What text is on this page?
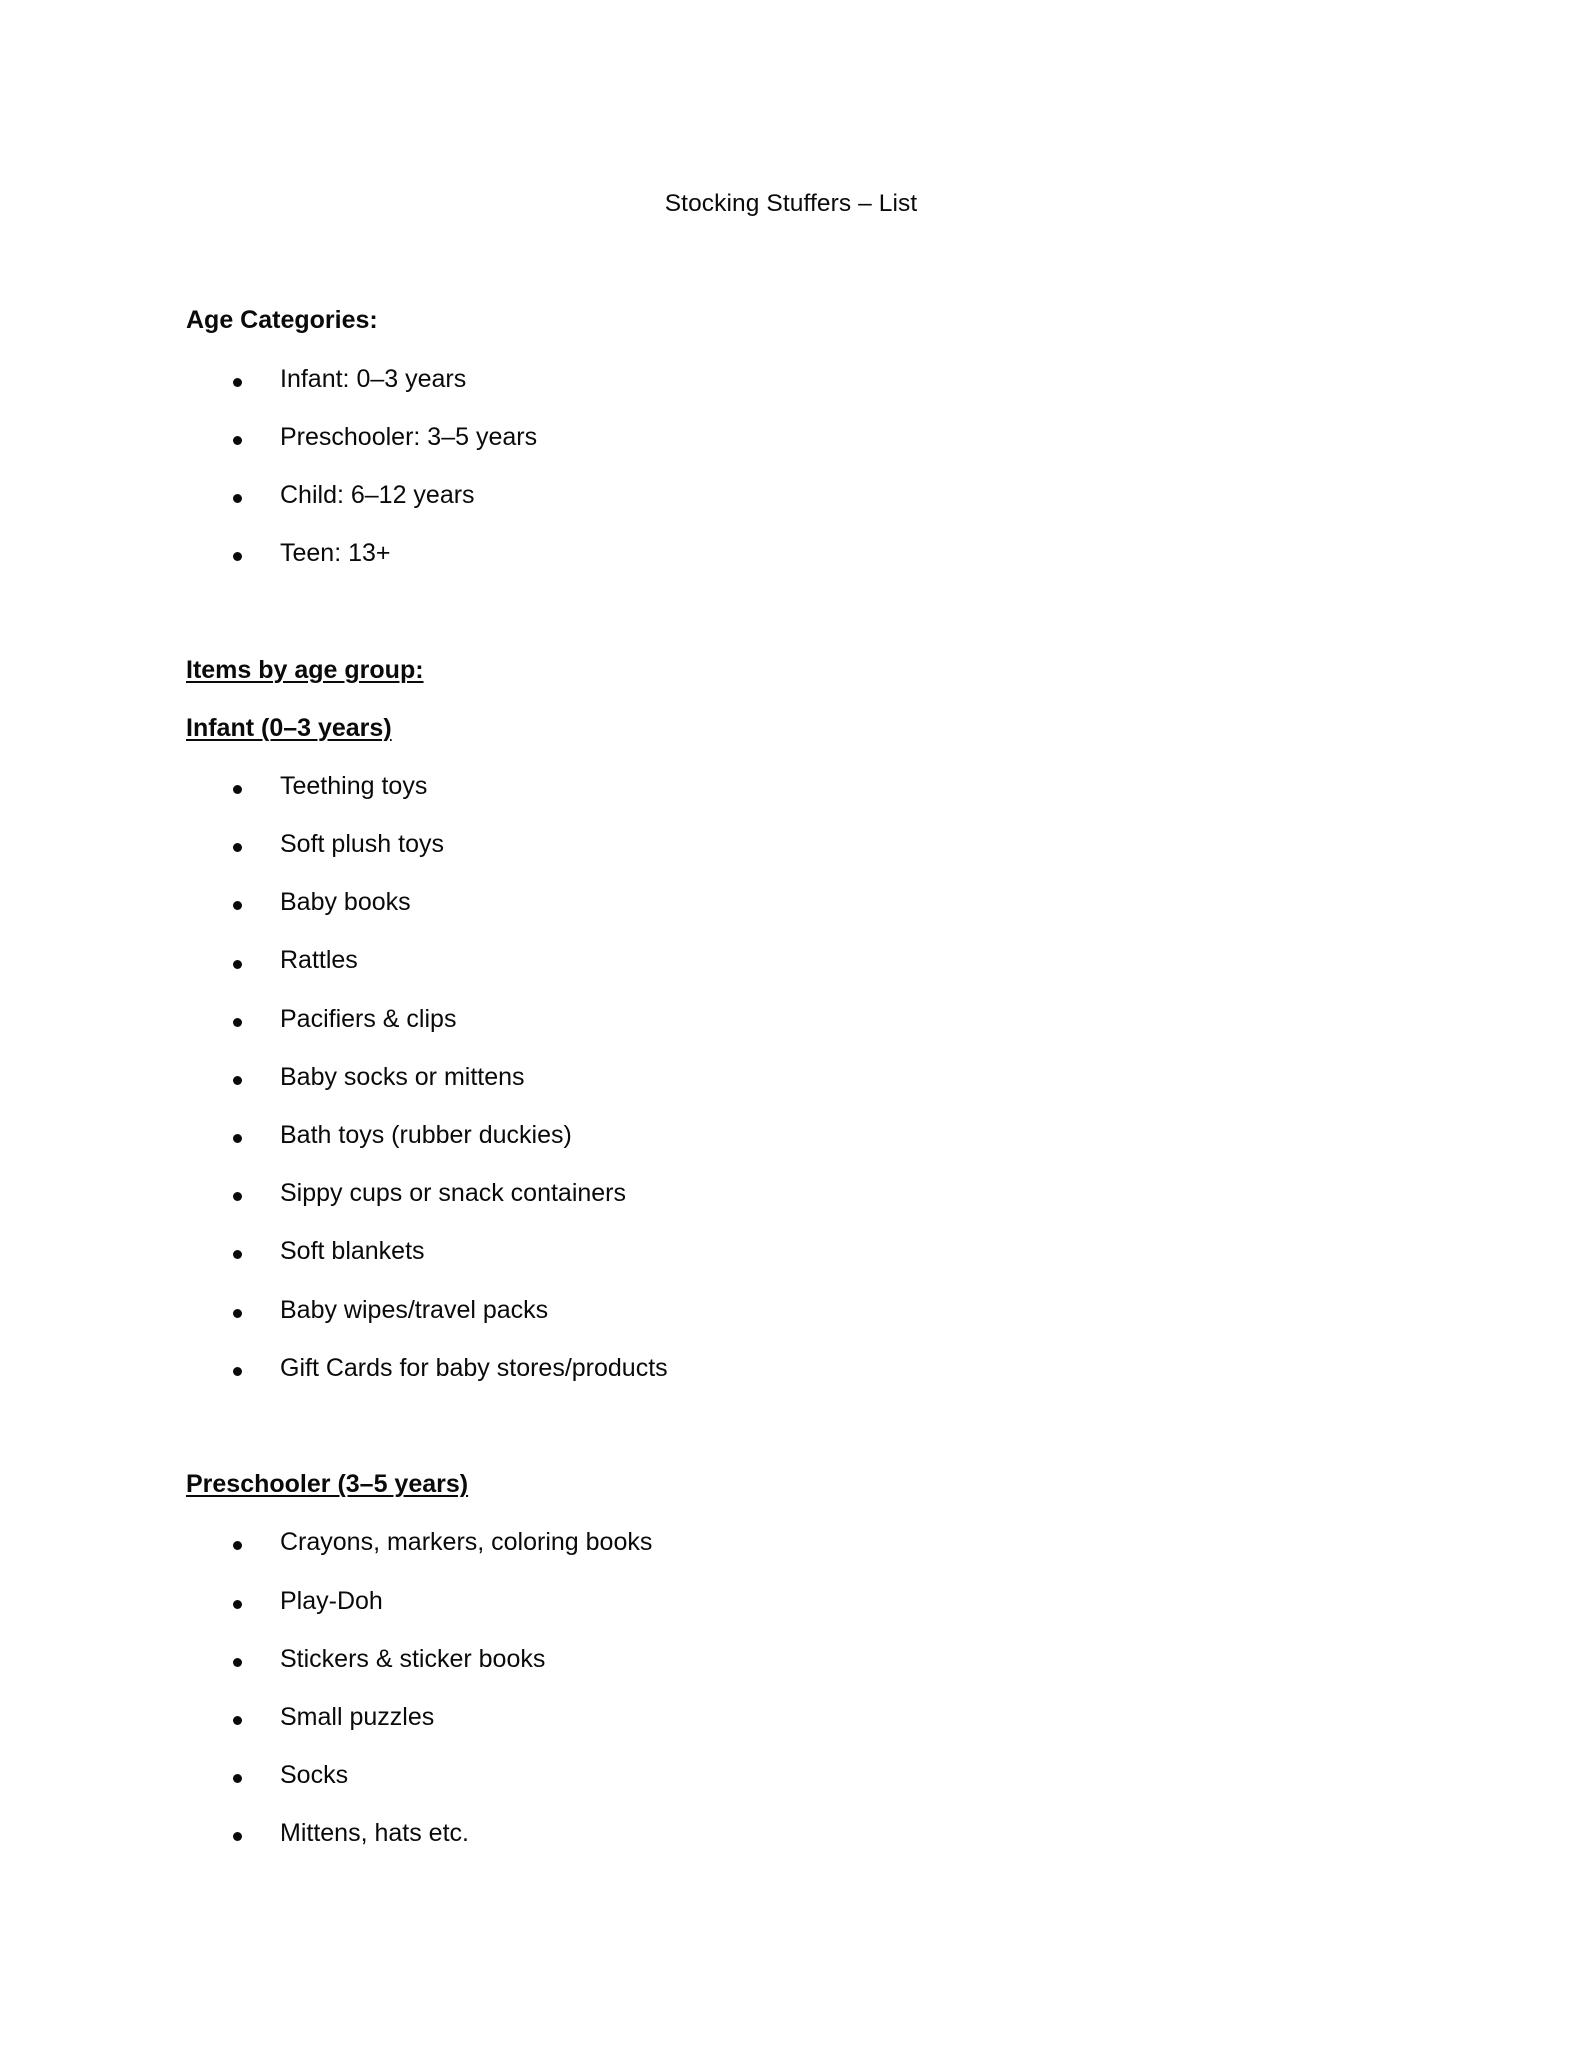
Stocking Stuffers – List
Age Categories:
Infant: 0–3 years
Preschooler: 3–5 years
Child: 6–12 years
Teen: 13+
Items by age group:
Infant (0–3 years)
Teething toys
Soft plush toys
Baby books
Rattles
Pacifiers & clips
Baby socks or mittens
Bath toys (rubber duckies)
Sippy cups or snack containers
Soft blankets
Baby wipes/travel packs
Gift Cards for baby stores/products
Preschooler (3–5 years)
Crayons, markers, coloring books
Play-Doh
Stickers & sticker books
Small puzzles
Socks
Mittens, hats etc.
